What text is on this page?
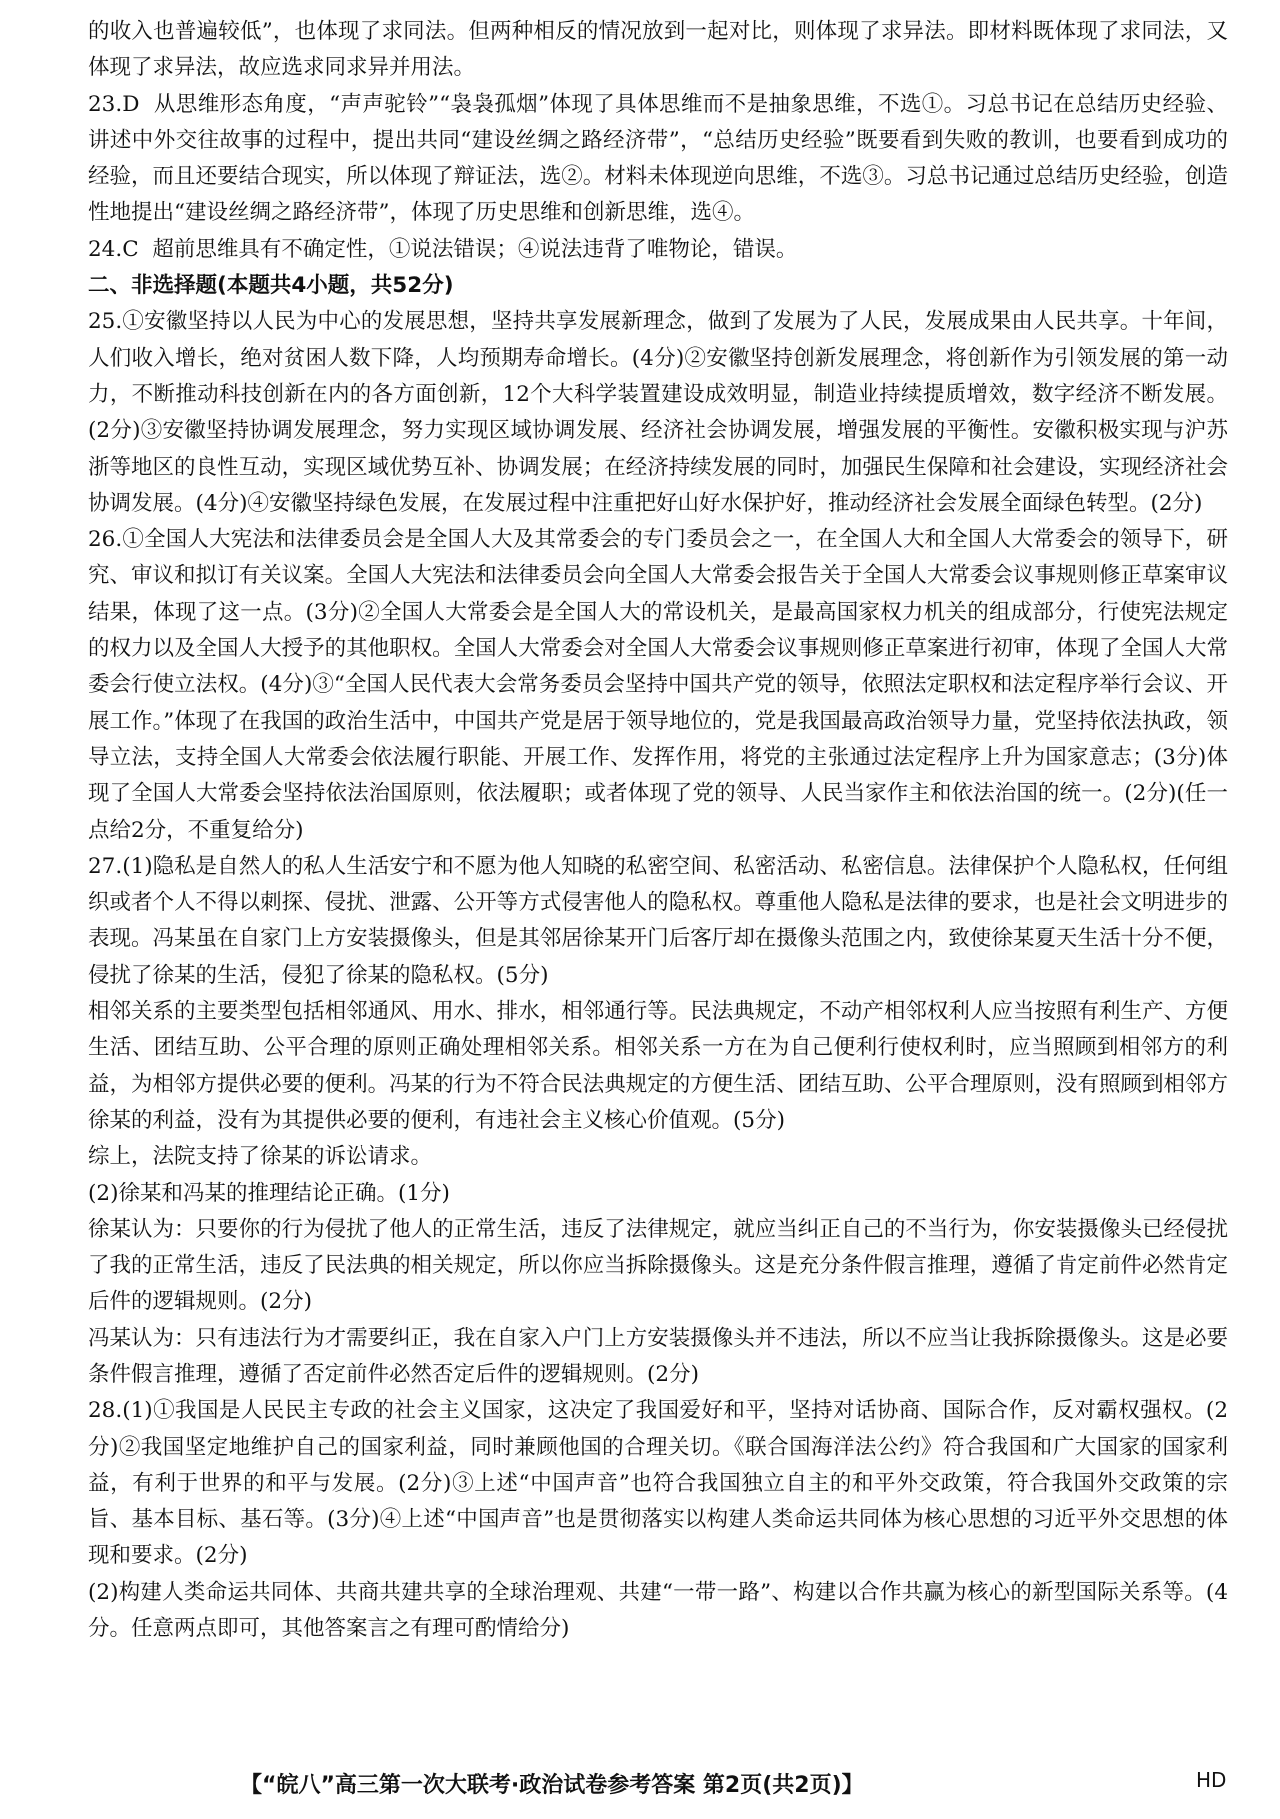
的收入也普遍较低”，也体现了求同法。但两种相反的情况放到一起对比，则体现了求异法。即材料既体现了求同法，又体现了求异法，故应选求同求异并用法。

23.D 从思维形态角度，“声声驼铃”“袅袅孤烟”体现了具体思维而不是抽象思维，不选①。习总书记在总结历史经验、讲述中外交往故事的过程中，提出共同“建设丝绸之路经济带”，“总结历史经验”既要看到失败的教训，也要看到成功的经验，而且还要结合现实，所以体现了辩证法，选②。材料未体现逆向思维，不选③。习总书记通过总结历史经验，创造性地提出“建设丝绸之路经济带”，体现了历史思维和创新思维，选④。

24.C 超前思维具有不确定性，①说法错误；④说法违背了唯物论，错误。

二、非选择题(本题共4小题，共52分)

25.①安徽坚持以人民为中心的发展思想，坚持共享发展新理念，做到了发展为了人民，发展成果由人民共享。十年间，人们收入增长，绝对贫困人数下降，人均预期寿命增长。(4分)②安徽坚持创新发展理念，将创新作为引领发展的第一动力，不断推动科技创新在内的各方面创新，12个大科学装置建设成效明显，制造业持续提质增效，数字经济不断发展。(2分)③安徽坚持协调发展理念，努力实现区域协调发展、经济社会协调发展，增强发展的平衡性。安徽积极实现与沪苏浙等地区的良性互动，实现区域优势互补、协调发展；在经济持续发展的同时，加强民生保障和社会建设，实现经济社会协调发展。(4分)④安徽坚持绿色发展，在发展过程中注重把好山好水保护好，推动经济社会发展全面绿色转型。(2分)

26.①全国人大宪法和法律委员会是全国人大及其常委会的专门委员会之一，在全国人大和全国人大常委会的领导下，研究、审议和拟订有关议案。全国人大宪法和法律委员会向全国人大常委会报告关于全国人大常委会议事规则修正草案审议结果，体现了这一点。(3分)②全国人大常委会是全国人大的常设机关，是最高国家权力机关的组成部分，行使宪法规定的权力以及全国人大授予的其他职权。全国人大常委会对全国人大常委会议事规则修正草案进行初审，体现了全国人大常委会行使立法权。(4分)③“全国人民代表大会常务委员会坚持中国共产党的领导，依照法定职权和法定程序举行会议、开展工作。”体现了在我国的政治生活中，中国共产党是居于领导地位的，党是我国最高政治领导力量，党坚持依法执政，领导立法，支持全国人大常委会依法履行职能、开展工作、发挥作用，将党的主张通过法定程序上升为国家意志；(3分)体现了全国人大常委会坚持依法治国原则，依法履职；或者体现了党的领导、人民当家作主和依法治国的统一。(2分)(任一点给2分，不重复给分)

27.(1)隐私是自然人的私人生活安宁和不愿为他人知晓的私密空间、私密活动、私密信息。法律保护个人隐私权，任何组织或者个人不得以刺探、侵扰、泄露、公开等方式侵害他人的隐私权。尊重他人隐私是法律的要求，也是社会文明进步的表现。冯某虽在自家门上方安装摄像头，但是其邻居徐某开门后客厅却在摄像头范围之内，致使徐某夏天生活十分不便，侵扰了徐某的生活，侵犯了徐某的隐私权。(5分)

相邻关系的主要类型包括相邻通风、用水、排水，相邻通行等。民法典规定，不动产相邻权利人应当按照有利生产、方便生活、团结互助、公平合理的原则正确处理相邻关系。相邻关系一方在为自己便利行使权利时，应当照顾到相邻方的利益，为相邻方提供必要的便利。冯某的行为不符合民法典规定的方便生活、团结互助、公平合理原则，没有照顾到相邻方徐某的利益，没有为其提供必要的便利，有违社会主义核心价值观。(5分)

综上，法院支持了徐某的诉讼请求。

(2)徐某和冯某的推理结论正确。(1分)

徐某认为：只要你的行为侵扰了他人的正常生活，违反了法律规定，就应当纠正自己的不当行为，你安装摄像头已经侵扰了我的正常生活，违反了民法典的相关规定，所以你应当拆除摄像头。这是充分条件假言推理，遵循了肯定前件必然肯定后件的逻辑规则。(2分)

冯某认为：只有违法行为才需要纠正，我在自家入户门上方安装摄像头并不违法，所以不应当让我拆除摄像头。这是必要条件假言推理，遵循了否定前件必然否定后件的逻辑规则。(2分)

28.(1)①我国是人民民主专政的社会主义国家，这决定了我国爱好和平，坚持对话协商、国际合作，反对霸权强权。(2分)②我国坚定地维护自己的国家利益，同时兼顾他国的合理关切。《联合国海洋法公约》符合我国和广大国家的国家利益，有利于世界的和平与发展。(2分)③上述“中国声音”也符合我国独立自主的和平外交政策，符合我国外交政策的宗旨、基本目标、基石等。(3分)④上述“中国声音”也是贯彻落实以构建人类命运共同体为核心思想的习近平外交思想的体现和要求。(2分)

(2)构建人类命运共同体、共商共建共享的全球治理观、共建“一带一路”、构建以合作共赢为核心的新型国际关系等。(4分。任意两点即可，其他答案言之有理可酌情给分)

【“皖八”高三第一次大联考·政治试卷参考答案 第2页(共2页)】	HD
